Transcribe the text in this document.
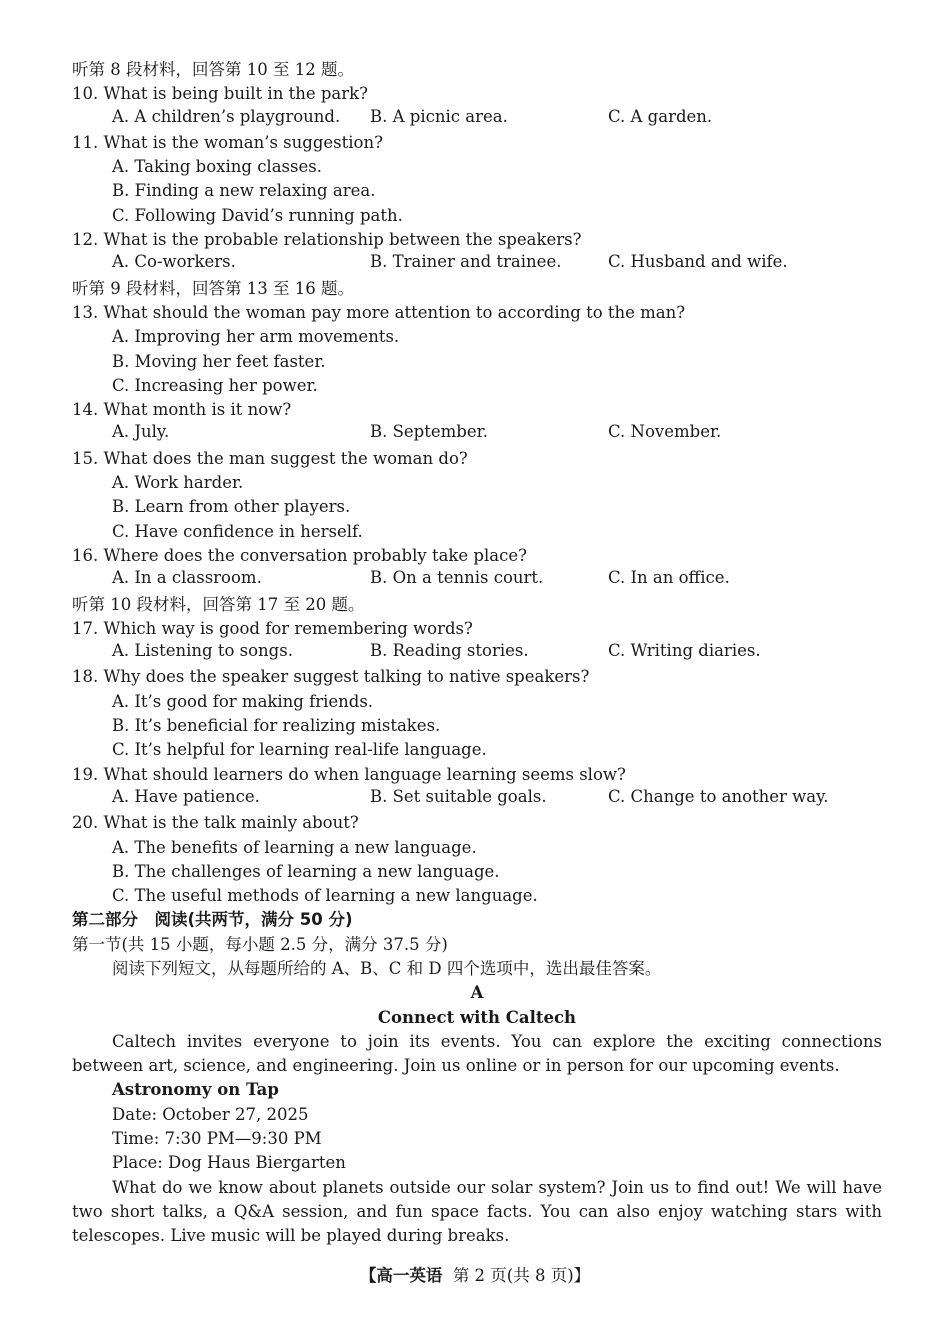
听第 8 段材料，回答第 10 至 12 题。
10. What is being built in the park?
A. A children’s playground. B. A picnic area.	C. A garden.
11. What is the woman’s suggestion?
A. Taking boxing classes.
B. Finding a new relaxing area.
C. Following David’s running path.
12. What is the probable relationship between the speakers?
A. Co-workers.	B. Trainer and trainee.	C. Husband and wife.
听第 9 段材料，回答第 13 至 16 题。
13. What should the woman pay more attention to according to the man?
A. Improving her arm movements.
B. Moving her feet faster.
C. Increasing her power.
14. What month is it now?
A. July.	B. September.	C. November.
15. What does the man suggest the woman do?
A. Work harder.
B. Learn from other players.
C. Have confidence in herself.
16. Where does the conversation probably take place?
A. In a classroom.	B. On a tennis court.	C. In an office.
听第 10 段材料，回答第 17 至 20 题。
17. Which way is good for remembering words?
A. Listening to songs.	B. Reading stories.	C. Writing diaries.
18. Why does the speaker suggest talking to native speakers?
A. It’s good for making friends.
B. It’s beneficial for realizing mistakes.
C. It’s helpful for learning real-life language.
19. What should learners do when language learning seems slow?
A. Have patience.	B. Set suitable goals.	C. Change to another way.
20. What is the talk mainly about?
A. The benefits of learning a new language.
B. The challenges of learning a new language.
C. The useful methods of learning a new language.
第二部分　阅读(共两节，满分 50 分)
第一节(共 15 小题，每小题 2.5 分，满分 37.5 分)
阅读下列短文，从每题所给的 A、B、C 和 D 四个选项中，选出最佳答案。
A
Connect with Caltech

Caltech invites everyone to join its events. You can explore the exciting connections between art, science, and engineering. Join us online or in person for our upcoming events.

Astronomy on Tap
Date: October 27, 2025
Time: 7:30 PM—9:30 PM
Place: Dog Haus Biergarten

What do we know about planets outside our solar system? Join us to find out! We will have two short talks, a Q&A session, and fun space facts. You can also enjoy watching stars with telescopes. Live music will be played during breaks.

【高一英语 第 2 页(共 8 页)】
